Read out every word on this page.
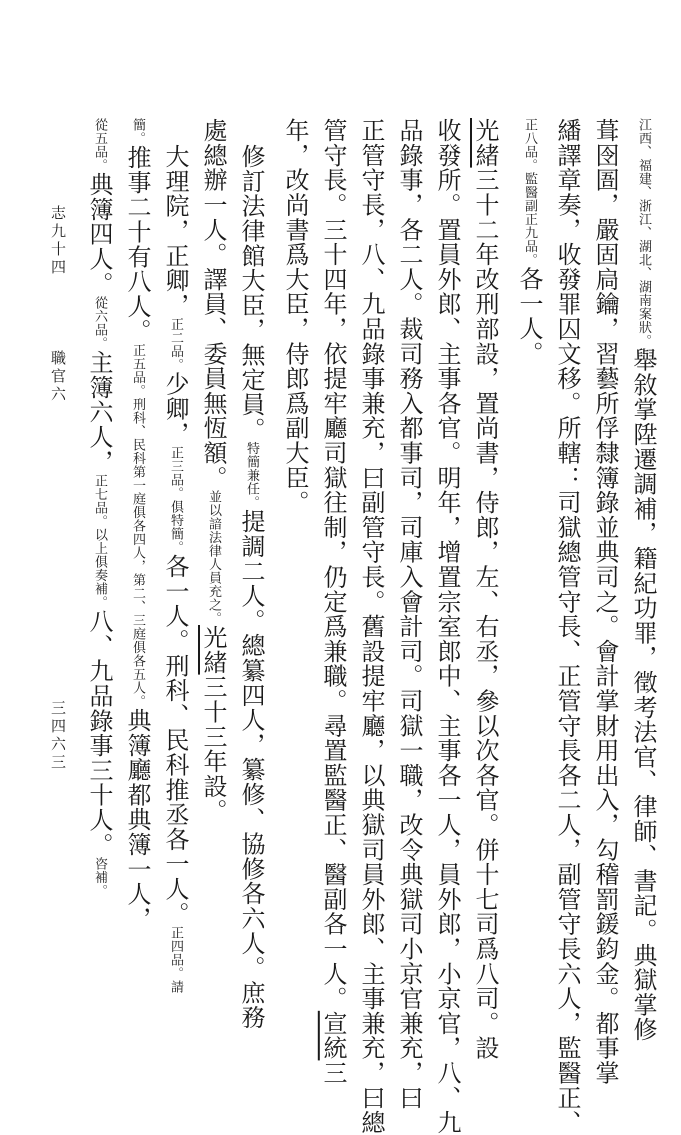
江西、福建、浙江、湖北、湖南案狀。舉敘掌陞遷調補，籍紀功罪，徵考法官、律師、書記。典獄掌修
葺囹圄，嚴固扃鑰，習藝所俘隸簿錄並典司之。會計掌財用出入，勾稽罰鍰鈞金。都事掌
繙譯章奏，收發罪囚文移。所轄：司獄總管守長、正管守長各二人，副管守長六人，監醫正、
正八品。監醫副正九品。各一人。
光緒三十二年改刑部設，置尚書，侍郎，左、右丞，參以次各官。併十七司爲八司。設
收發所。置員外郎、主事各官。明年，增置宗室郎中、主事各一人，員外郎，小京官，八、九
品錄事，各二人。裁司務入都事司，司庫入會計司。司獄一職，改令典獄司小京官兼充，曰
正管守長，八、九品錄事兼充，曰副管守長。舊設提牢廳，以典獄司員外郎、主事兼充，曰總
管守長。三十四年，依提牢廳司獄往制，仍定爲兼職。尋置監醫正、醫副各一人。宣統三
年，改尚書爲大臣，侍郎爲副大臣。
修訂法律館大臣，無定員。特簡兼任。提調二人。總纂四人，纂修、協修各六人。庶務
處總辦一人。譯員、委員無恆額。並以諳法律人員充之。光緒三十三年設。
大理院，正卿，正二品。少卿，正三品。俱特簡。各一人。刑科、民科推丞各一人。正四品。請
簡。推事二十有八人。正五品。刑科、民科第一庭俱各四人，第二、三庭俱各五人。典簿廳都典簿一人，
從五品。典簿四人。從六品。主簿六人，正七品。以上俱奏補。八、九品錄事三十人。咨補。
志九十四
職官六
三四六三
